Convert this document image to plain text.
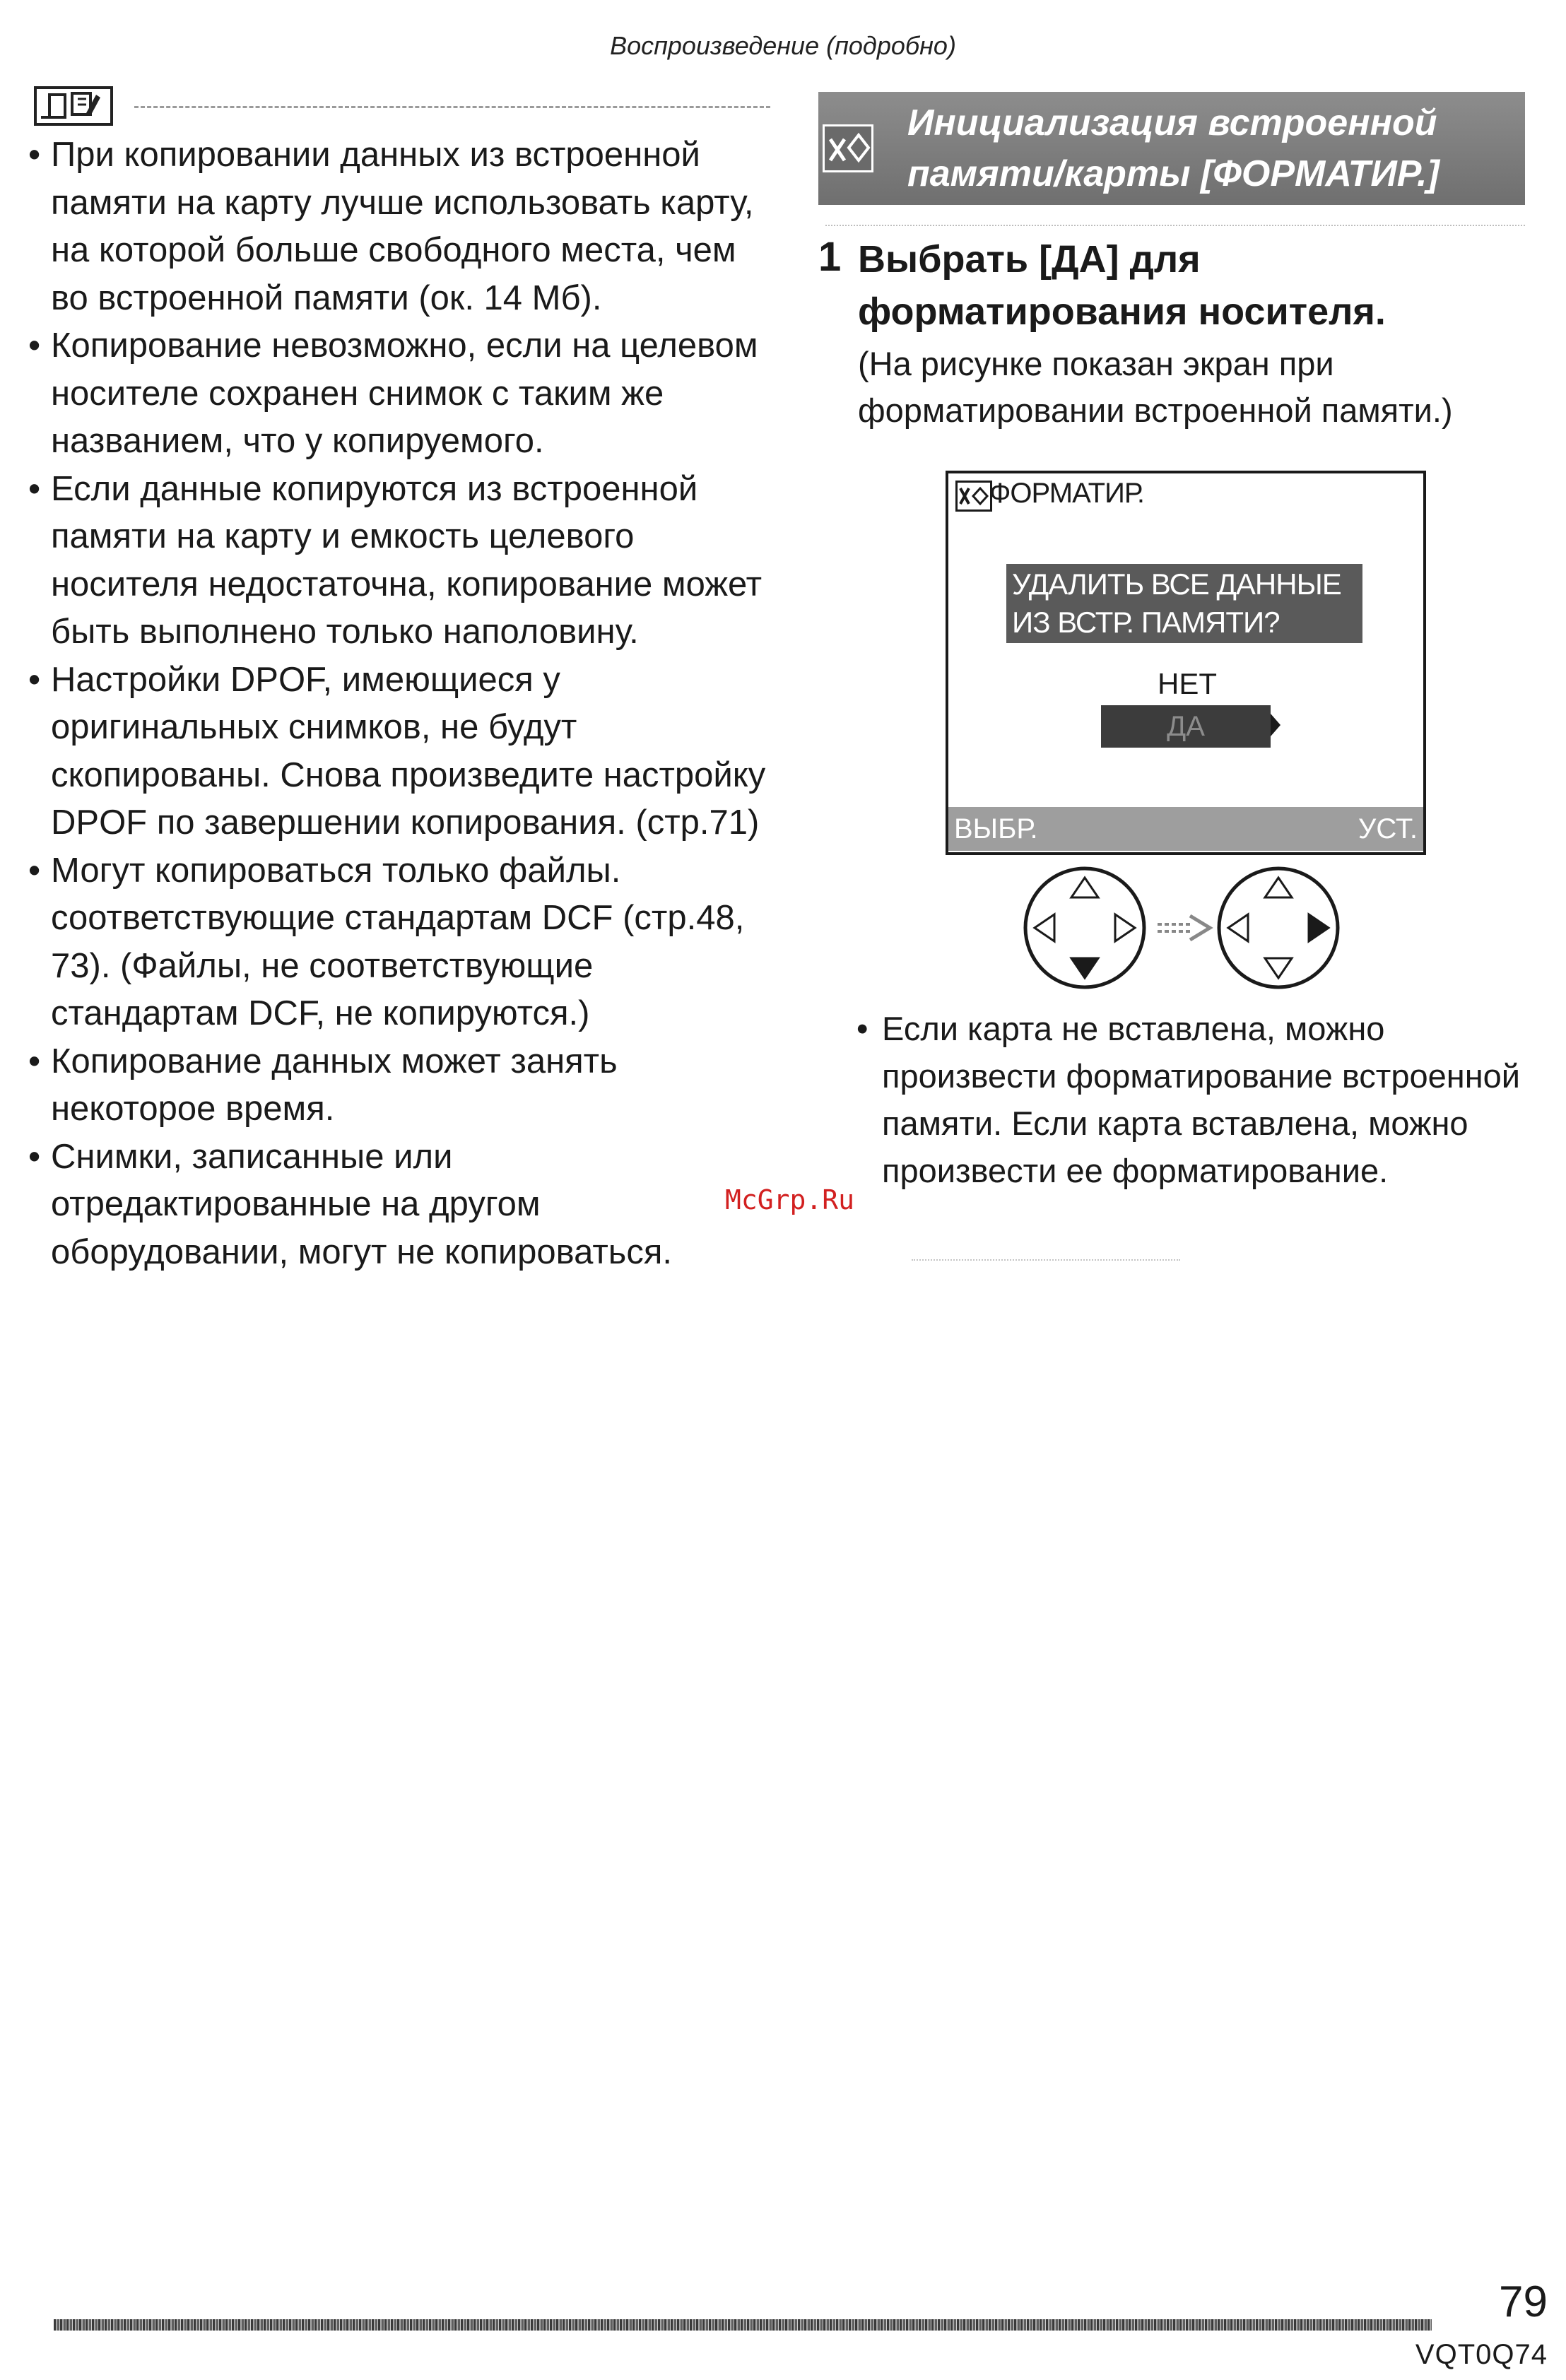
Воспроизведение (подробно)
• При копировании данных из встроенной памяти на карту лучше использовать карту, на которой больше свободного места, чем во встроенной памяти (ок. 14 Мб).
• Копирование невозможно, если на целевом носителе сохранен снимок с таким же названием, что у копируемого.
• Если данные копируются из встроенной памяти на карту и емкость целевого носителя недостаточна, копирование может быть выполнено только наполовину.
• Настройки DPOF, имеющиеся у оригинальных снимков, не будут скопированы. Снова произведите настройку DPOF по завершении копирования. (стр.71)
• Могут копироваться только файлы. соответствующие стандартам DCF (стр.48, 73). (Файлы, не соответствующие стандартам DCF, не копируются.)
• Копирование данных может занять некоторое время.
• Снимки, записанные или отредактированные на другом оборудовании, могут не копироваться.
Инициализация встроенной
памяти/карты [ФОРМАТИР.]
1 Выбрать [ДА] для
форматирования носителя.
(На рисунке показан экран при
форматировании встроенной памяти.)
ФОРМАТИР.
УДАЛИТЬ ВСЕ ДАННЫЕ
ИЗ ВСТР. ПАМЯТИ?
НЕТ
ДА
ВЫБР.	УСТ.
• Если карта не вставлена, можно произвести форматирование встроенной памяти. Если карта вставлена, можно произвести ее форматирование.
McGrp.Ru
79
VQT0Q74
